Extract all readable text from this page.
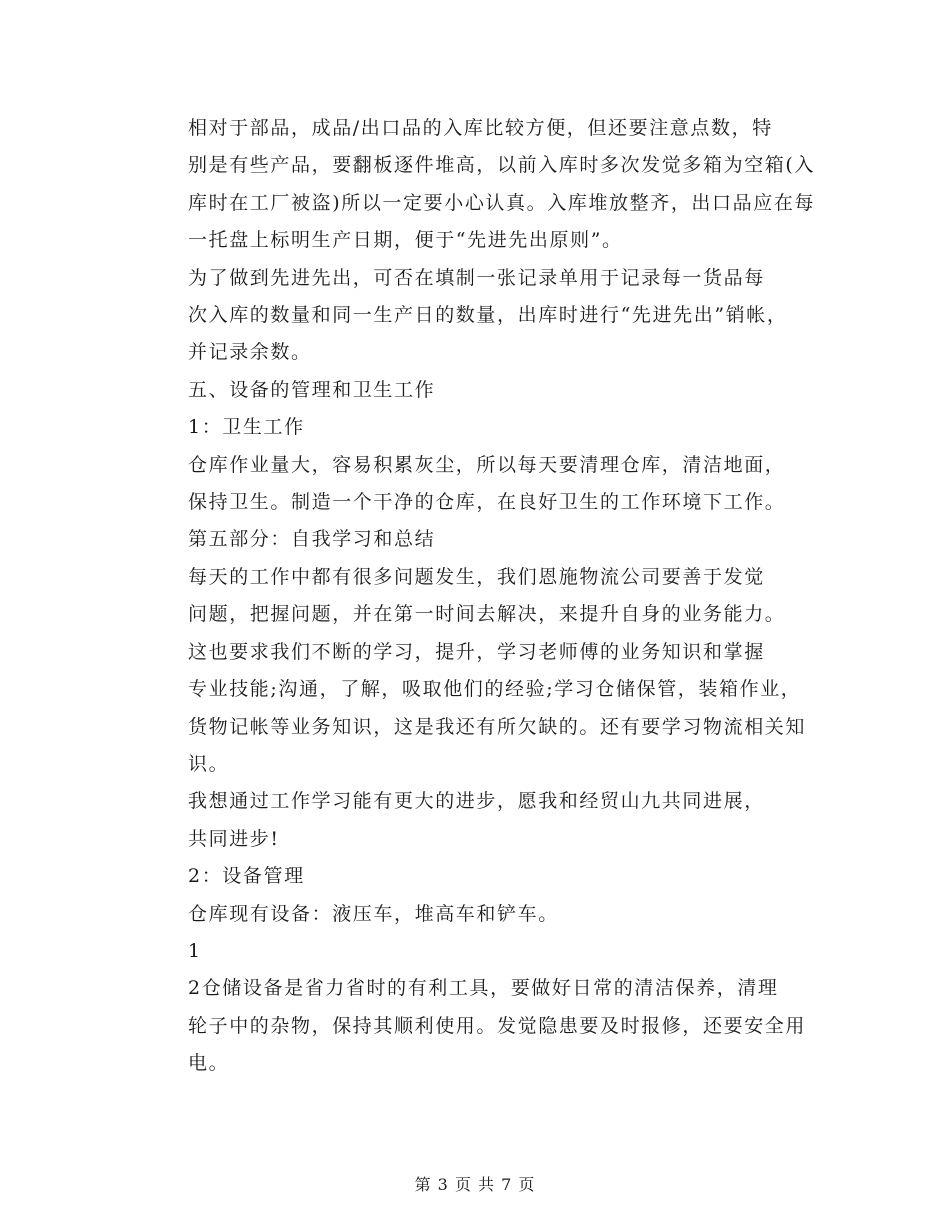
相对于部品，成品/出口品的入库比较方便，但还要注意点数，特
别是有些产品，要翻板逐件堆高，以前入库时多次发觉多箱为空箱(入
库时在工厂被盗)所以一定要小心认真。入库堆放整齐，出口品应在每
一托盘上标明生产日期，便于“先进先出原则”。
为了做到先进先出，可否在填制一张记录单用于记录每一货品每
次入库的数量和同一生产日的数量，出库时进行“先进先出”销帐，
并记录余数。
五、设备的管理和卫生工作
1：卫生工作
仓库作业量大，容易积累灰尘，所以每天要清理仓库，清洁地面，
保持卫生。制造一个干净的仓库，在良好卫生的工作环境下工作。
第五部分：自我学习和总结
每天的工作中都有很多问题发生，我们恩施物流公司要善于发觉
问题，把握问题，并在第一时间去解决，来提升自身的业务能力。
这也要求我们不断的学习，提升，学习老师傅的业务知识和掌握
专业技能;沟通，了解，吸取他们的经验;学习仓储保管，装箱作业，
货物记帐等业务知识，这是我还有所欠缺的。还有要学习物流相关知
识。
我想通过工作学习能有更大的进步，愿我和经贸山九共同进展，
共同进步!
2：设备管理
仓库现有设备：液压车，堆高车和铲车。
1
2仓储设备是省力省时的有利工具，要做好日常的清洁保养，清理
轮子中的杂物，保持其顺利使用。发觉隐患要及时报修，还要安全用
电。
第 3 页 共 7 页
